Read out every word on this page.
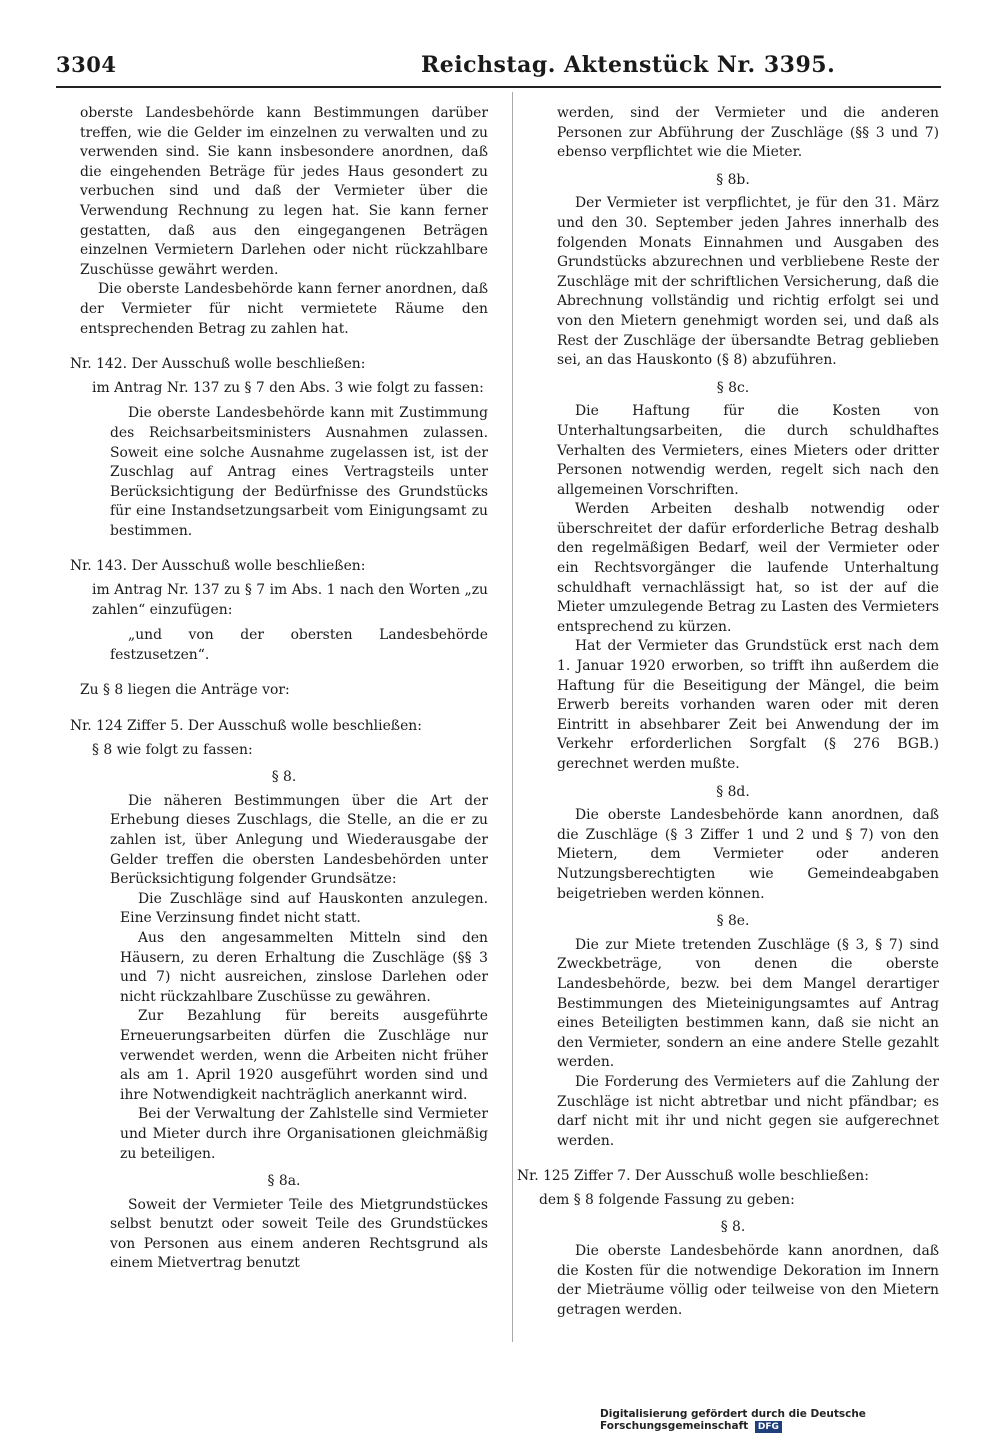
3304	Reichstag. Aktenstück Nr. 3395.

oberste Landesbehörde kann Bestimmungen darüber treffen, wie die Gelder im einzelnen zu verwalten und zu verwenden sind. Sie kann insbesondere anordnen, daß die eingehenden Beträge für jedes Haus gesondert zu verbuchen sind und daß der Vermieter über die Verwendung Rechnung zu legen hat. Sie kann ferner gestatten, daß aus den eingegangenen Beträgen einzelnen Vermietern Darlehen oder nicht rückzahlbare Zuschüsse gewährt werden.

Die oberste Landesbehörde kann ferner anordnen, daß der Vermieter für nicht vermietete Räume den entsprechenden Betrag zu zahlen hat.

Nr. 142. Der Ausschuß wolle beschließen:

im Antrag Nr. 137 zu § 7 den Abs. 3 wie folgt zu fassen:

Die oberste Landesbehörde kann mit Zustimmung des Reichsarbeitsministers Ausnahmen zulassen. Soweit eine solche Ausnahme zugelassen ist, ist der Zuschlag auf Antrag eines Vertragsteils unter Berücksichtigung der Bedürfnisse des Grundstücks für eine Instandsetzungsarbeit vom Einigungsamt zu bestimmen.

Nr. 143. Der Ausschuß wolle beschließen:

im Antrag Nr. 137 zu § 7 im Abs. 1 nach den Worten „zu zahlen“ einzufügen:

„und von der obersten Landesbehörde festzusetzen“.

Zu § 8 liegen die Anträge vor:

Nr. 124 Ziffer 5. Der Ausschuß wolle beschließen:

§ 8 wie folgt zu fassen:

§ 8.

Die näheren Bestimmungen über die Art der Erhebung dieses Zuschlags, die Stelle, an die er zu zahlen ist, über Anlegung und Wiederausgabe der Gelder treffen die obersten Landesbehörden unter Berücksichtigung folgender Grundsätze:

Die Zuschläge sind auf Hauskonten anzulegen. Eine Verzinsung findet nicht statt.

Aus den angesammelten Mitteln sind den Häusern, zu deren Erhaltung die Zuschläge (§§ 3 und 7) nicht ausreichen, zinslose Darlehen oder nicht rückzahlbare Zuschüsse zu gewähren.

Zur Bezahlung für bereits ausgeführte Erneuerungsarbeiten dürfen die Zuschläge nur verwendet werden, wenn die Arbeiten nicht früher als am 1. April 1920 ausgeführt worden sind und ihre Notwendigkeit nachträglich anerkannt wird.

Bei der Verwaltung der Zahlstelle sind Vermieter und Mieter durch ihre Organisationen gleichmäßig zu beteiligen.

§ 8a.

Soweit der Vermieter Teile des Mietgrundstückes selbst benutzt oder soweit Teile des Grundstückes von Personen aus einem anderen Rechtsgrund als einem Mietvertrag benutzt

werden, sind der Vermieter und die anderen Personen zur Abführung der Zuschläge (§§ 3 und 7) ebenso verpflichtet wie die Mieter.

§ 8b.

Der Vermieter ist verpflichtet, je für den 31. März und den 30. September jeden Jahres innerhalb des folgenden Monats Einnahmen und Ausgaben des Grundstücks abzurechnen und verbliebene Reste der Zuschläge mit der schriftlichen Versicherung, daß die Abrechnung vollständig und richtig erfolgt sei und von den Mietern genehmigt worden sei, und daß als Rest der Zuschläge der übersandte Betrag geblieben sei, an das Hauskonto (§ 8) abzuführen.

§ 8c.

Die Haftung für die Kosten von Unterhaltungsarbeiten, die durch schuldhaftes Verhalten des Vermieters, eines Mieters oder dritter Personen notwendig werden, regelt sich nach den allgemeinen Vorschriften.

Werden Arbeiten deshalb notwendig oder überschreitet der dafür erforderliche Betrag deshalb den regelmäßigen Bedarf, weil der Vermieter oder ein Rechtsvorgänger die laufende Unterhaltung schuldhaft vernachlässigt hat, so ist der auf die Mieter umzulegende Betrag zu Lasten des Vermieters entsprechend zu kürzen.

Hat der Vermieter das Grundstück erst nach dem 1. Januar 1920 erworben, so trifft ihn außerdem die Haftung für die Beseitigung der Mängel, die beim Erwerb bereits vorhanden waren oder mit deren Eintritt in absehbarer Zeit bei Anwendung der im Verkehr erforderlichen Sorgfalt (§ 276 BGB.) gerechnet werden mußte.

§ 8d.

Die oberste Landesbehörde kann anordnen, daß die Zuschläge (§ 3 Ziffer 1 und 2 und § 7) von den Mietern, dem Vermieter oder anderen Nutzungsberechtigten wie Gemeindeabgaben beigetrieben werden können.

§ 8e.

Die zur Miete tretenden Zuschläge (§ 3, § 7) sind Zweckbeträge, von denen die oberste Landesbehörde, bezw. bei dem Mangel derartiger Bestimmungen des Mieteinigungsamtes auf Antrag eines Beteiligten bestimmen kann, daß sie nicht an den Vermieter, sondern an eine andere Stelle gezahlt werden.

Die Forderung des Vermieters auf die Zahlung der Zuschläge ist nicht abtretbar und nicht pfändbar; es darf nicht mit ihr und nicht gegen sie aufgerechnet werden.

Nr. 125 Ziffer 7. Der Ausschuß wolle beschließen:

dem § 8 folgende Fassung zu geben:

§ 8.

Die oberste Landesbehörde kann anordnen, daß die Kosten für die notwendige Dekoration im Innern der Mieträume völlig oder teilweise von den Mietern getragen werden.

Digitalisierung gefördert durch die Deutsche Forschungsgemeinschaft DFG
